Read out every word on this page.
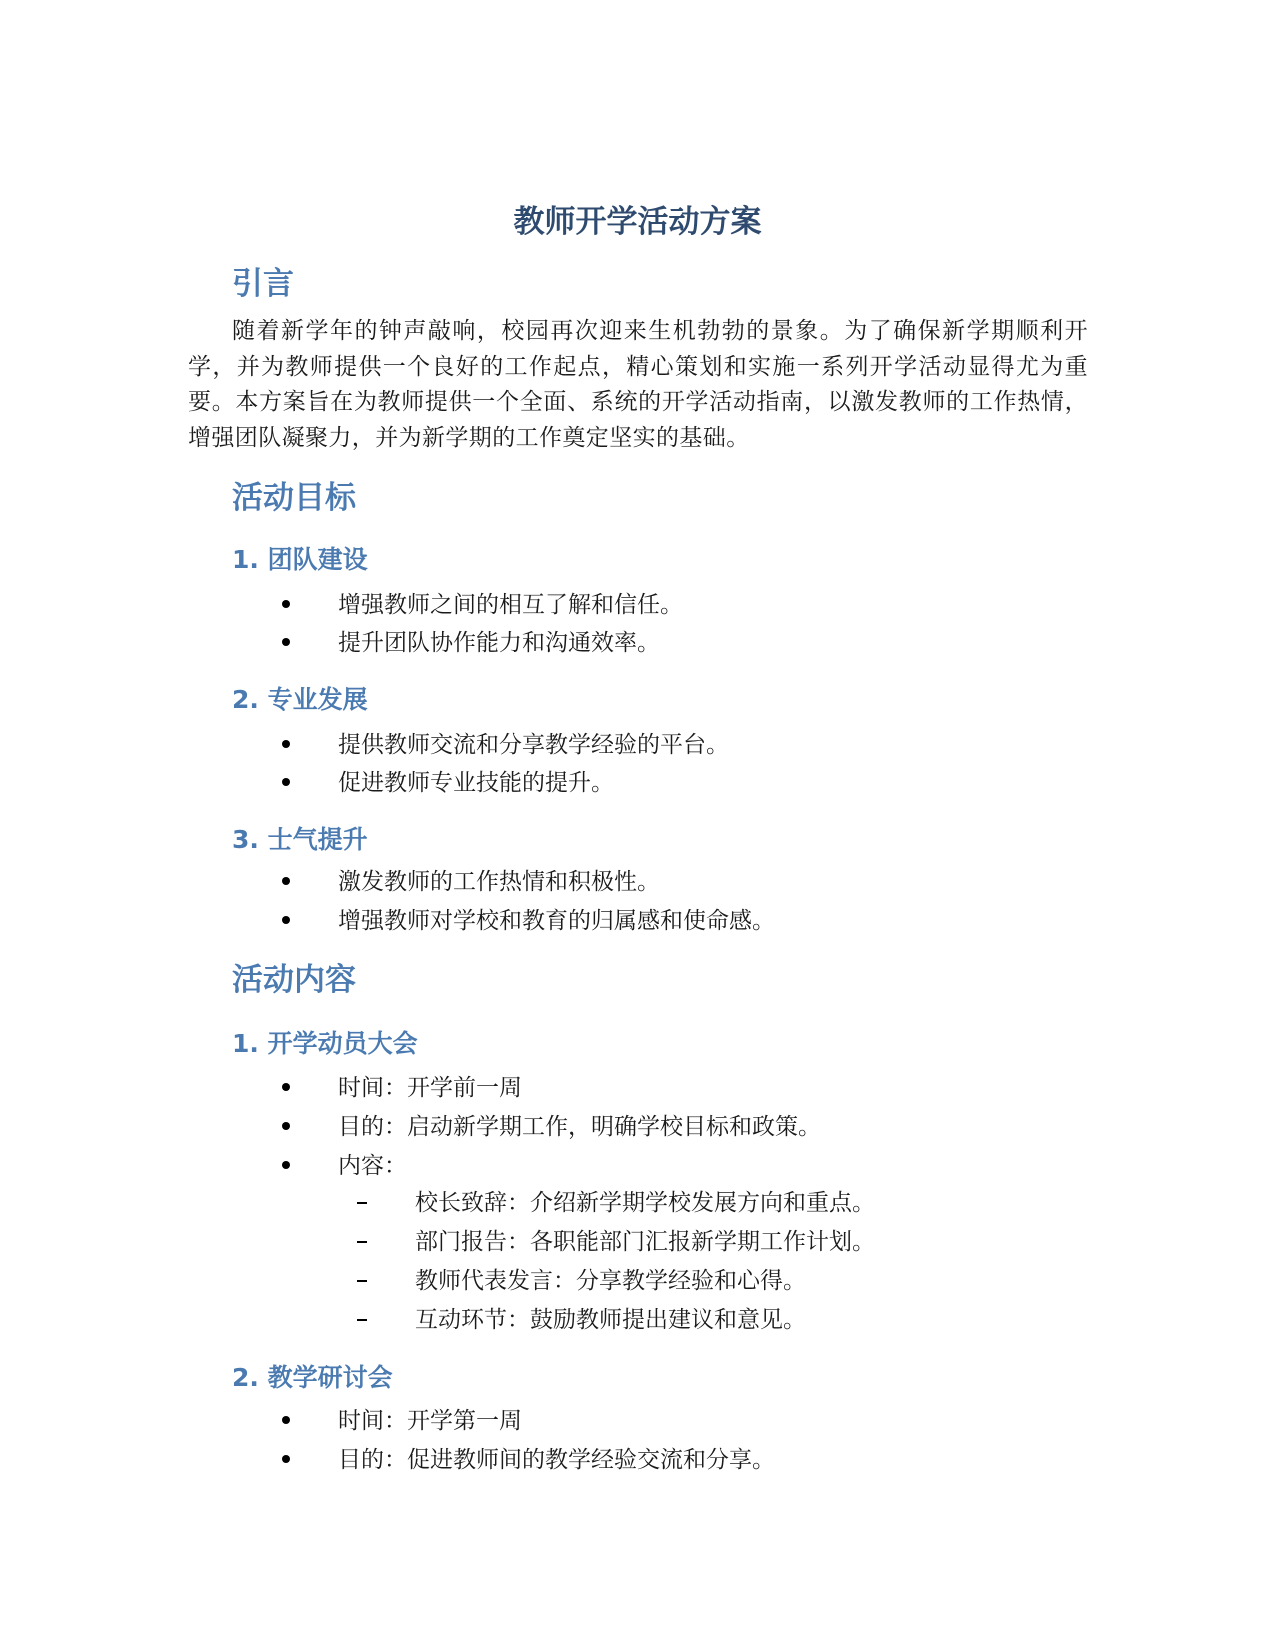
教师开学活动方案
引言

随着新学年的钟声敲响，校园再次迎来生机勃勃的景象。为了确保新学期顺利开学，并为教师提供一个良好的工作起点，精心策划和实施一系列开学活动显得尤为重要。本方案旨在为教师提供一个全面、系统的开学活动指南，以激发教师的工作热情，增强团队凝聚力，并为新学期的工作奠定坚实的基础。

活动目标
1. 团队建设
增强教师之间的相互了解和信任。
提升团队协作能力和沟通效率。
2. 专业发展
提供教师交流和分享教学经验的平台。
促进教师专业技能的提升。
3. 士气提升
激发教师的工作热情和积极性。
增强教师对学校和教育的归属感和使命感。
活动内容
1. 开学动员大会
时间：开学前一周
目的：启动新学期工作，明确学校目标和政策。
内容：
校长致辞：介绍新学期学校发展方向和重点。
部门报告：各职能部门汇报新学期工作计划。
教师代表发言：分享教学经验和心得。
互动环节：鼓励教师提出建议和意见。
2. 教学研讨会
时间：开学第一周
目的：促进教师间的教学经验交流和分享。
